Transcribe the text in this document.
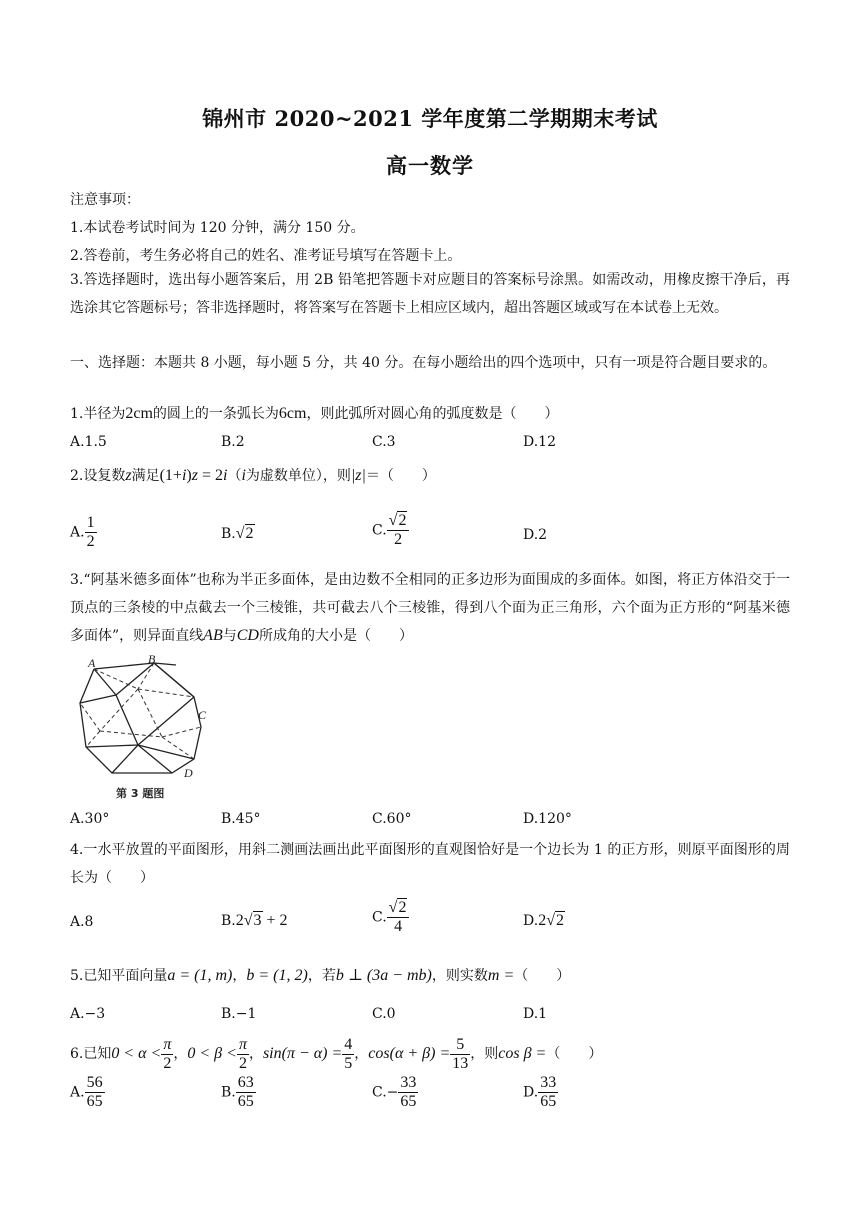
锦州市 2020~2021 学年度第二学期期末考试
高一数学
注意事项：
1.本试卷考试时间为 120 分钟，满分 150 分。
2.答卷前，考生务必将自己的姓名、准考证号填写在答题卡上。
3.答选择题时，选出每小题答案后，用 2B 铅笔把答题卡对应题目的答案标号涂黑。如需改动，用橡皮擦干净后，再选涂其它答题标号；答非选择题时，将答案写在答题卡上相应区域内，超出答题区域或写在本试卷上无效。
一、选择题：本题共 8 小题，每小题 5 分，共 40 分。在每小题给出的四个选项中，只有一项是符合题目要求的。
1.半径为2cm的圆上的一条弧长为6cm，则此弧所对圆心角的弧度数是（　　）
A.1.5	B.2	C.3	D.12
2.设复数z满足(1+i)z = 2i（i为虚数单位），则|z|＝（　　）
A. $\frac{1}{2}$	B.√2	C. $\frac{√2}{2}$	D.2
3.“阿基米德多面体”也称为半正多面体，是由边数不全相同的正多边形为面围成的多面体。如图，将正方体沿交于一顶点的三条棱的中点截去一个三棱锥，共可截去八个三棱锥，得到八个面为正三角形，六个面为正方形的“阿基米德多面体”，则异面直线AB与CD所成角的大小是（　　）
A	B
C
D
第 3 题图
A.30°	B.45°	C.60°	D.120°
4.一水平放置的平面图形，用斜二测画法画出此平面图形的直观图恰好是一个边长为 1 的正方形，则原平面图形的周长为（　　）
A.8	B.2√3 + 2	C. $\frac{√2}{4}$	D.2√2
5.已知平面向量a = (1, m)，b = (1, 2)，若b ⊥ (3a − mb)，则实数m =（　　）
A.−3	B.−1	C.0	D.1
6.已知$0 < \alpha < \frac{\pi}{2}$ ，$0 < \beta < \frac{\pi}{2}$ ，$\sin(\pi - \alpha) = \frac{4}{5}$ ，$\cos(\alpha + \beta) = \frac{5}{13}$ ，则cos β =（　　）
A. $\frac{56}{65}$	B. $\frac{63}{65}$	$C.- \frac{33}{65}$	D. $\frac{33}{65}$
